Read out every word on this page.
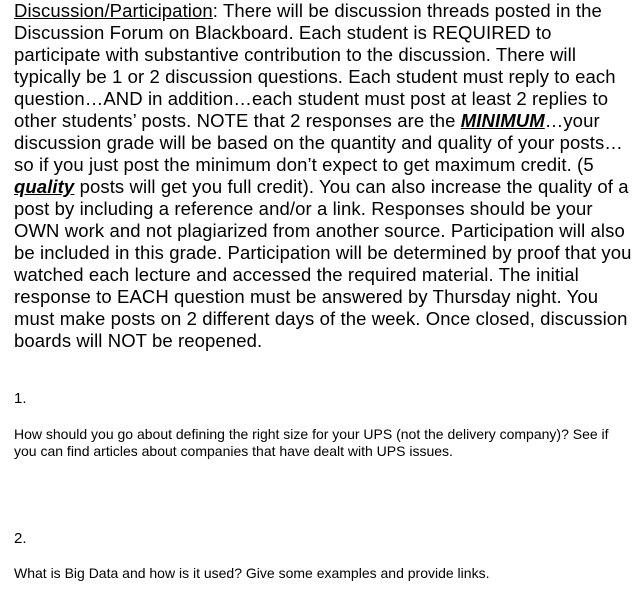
Discussion/Participation: There will be discussion threads posted in the Discussion Forum on Blackboard. Each student is REQUIRED to participate with substantive contribution to the discussion. There will typically be 1 or 2 discussion questions. Each student must reply to each question…AND in addition…each student must post at least 2 replies to other students’ posts. NOTE that 2 responses are the MINIMUM…your discussion grade will be based on the quantity and quality of your posts…so if you just post the minimum don’t expect to get maximum credit. (5 quality posts will get you full credit). You can also increase the quality of a post by including a reference and/or a link. Responses should be your OWN work and not plagiarized from another source. Participation will also be included in this grade. Participation will be determined by proof that you watched each lecture and accessed the required material. The initial response to EACH question must be answered by Thursday night. You must make posts on 2 different days of the week. Once closed, discussion boards will NOT be reopened.

1.

How should you go about defining the right size for your UPS (not the delivery company)? See if you can find articles about companies that have dealt with UPS issues.

2.

What is Big Data and how is it used? Give some examples and provide links.
